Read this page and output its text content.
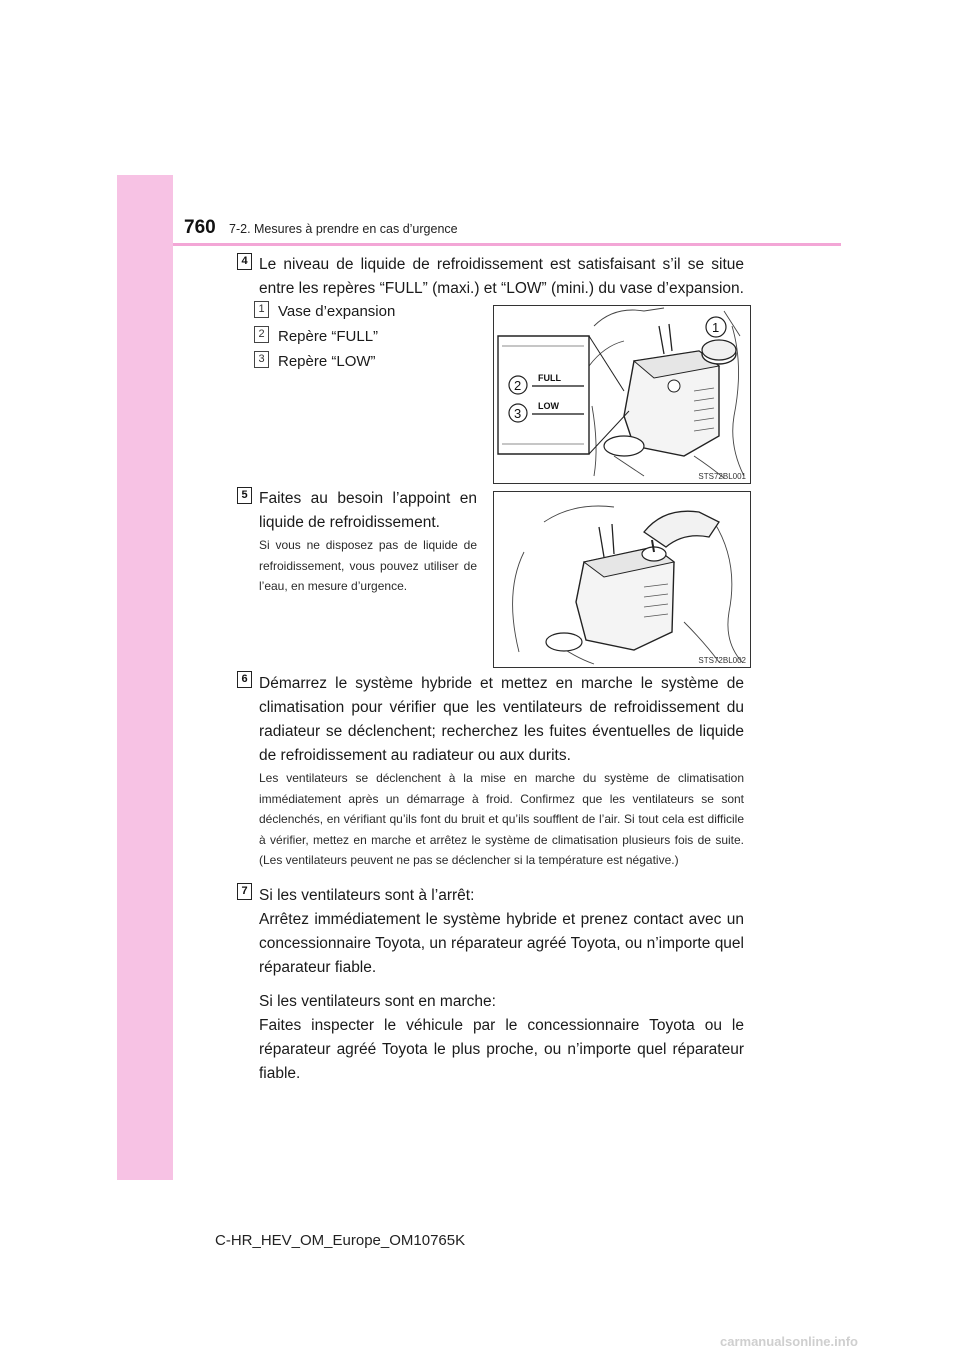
760 7-2. Mesures à prendre en cas d’urgence
4 Le niveau de liquide de refroidissement est satisfaisant s’il se situe entre les repères “FULL” (maxi.) et “LOW” (mini.) du vase d’expansion.
1 Vase d’expansion
2 Repère “FULL”
3 Repère “LOW”
FULL
LOW
2
3
1
STS72BL001
5 Faites au besoin l’appoint en liquide de refroidissement.
Si vous ne disposez pas de liquide de refroidissement, vous pouvez utiliser de l’eau, en mesure d’urgence.
STS72BL002
6 Démarrez le système hybride et mettez en marche le système de climatisation pour vérifier que les ventilateurs de refroidissement du radiateur se déclenchent; recherchez les fuites éventuelles de liquide de refroidissement au radiateur ou aux durits.
Les ventilateurs se déclenchent à la mise en marche du système de climatisation immédiatement après un démarrage à froid. Confirmez que les ventilateurs se sont déclenchés, en vérifiant qu’ils font du bruit et qu’ils soufflent de l’air. Si tout cela est difficile à vérifier, mettez en marche et arrêtez le système de climatisation plusieurs fois de suite. (Les ventilateurs peuvent ne pas se déclencher si la température est négative.)
7 Si les ventilateurs sont à l’arrêt:

Arrêtez immédiatement le système hybride et prenez contact avec un concessionnaire Toyota, un réparateur agréé Toyota, ou n’importe quel réparateur fiable.

Si les ventilateurs sont en marche:

Faites inspecter le véhicule par le concessionnaire Toyota ou le réparateur agréé Toyota le plus proche, ou n’importe quel réparateur fiable.

C-HR_HEV_OM_Europe_OM10765K
carmanualsonline.info
